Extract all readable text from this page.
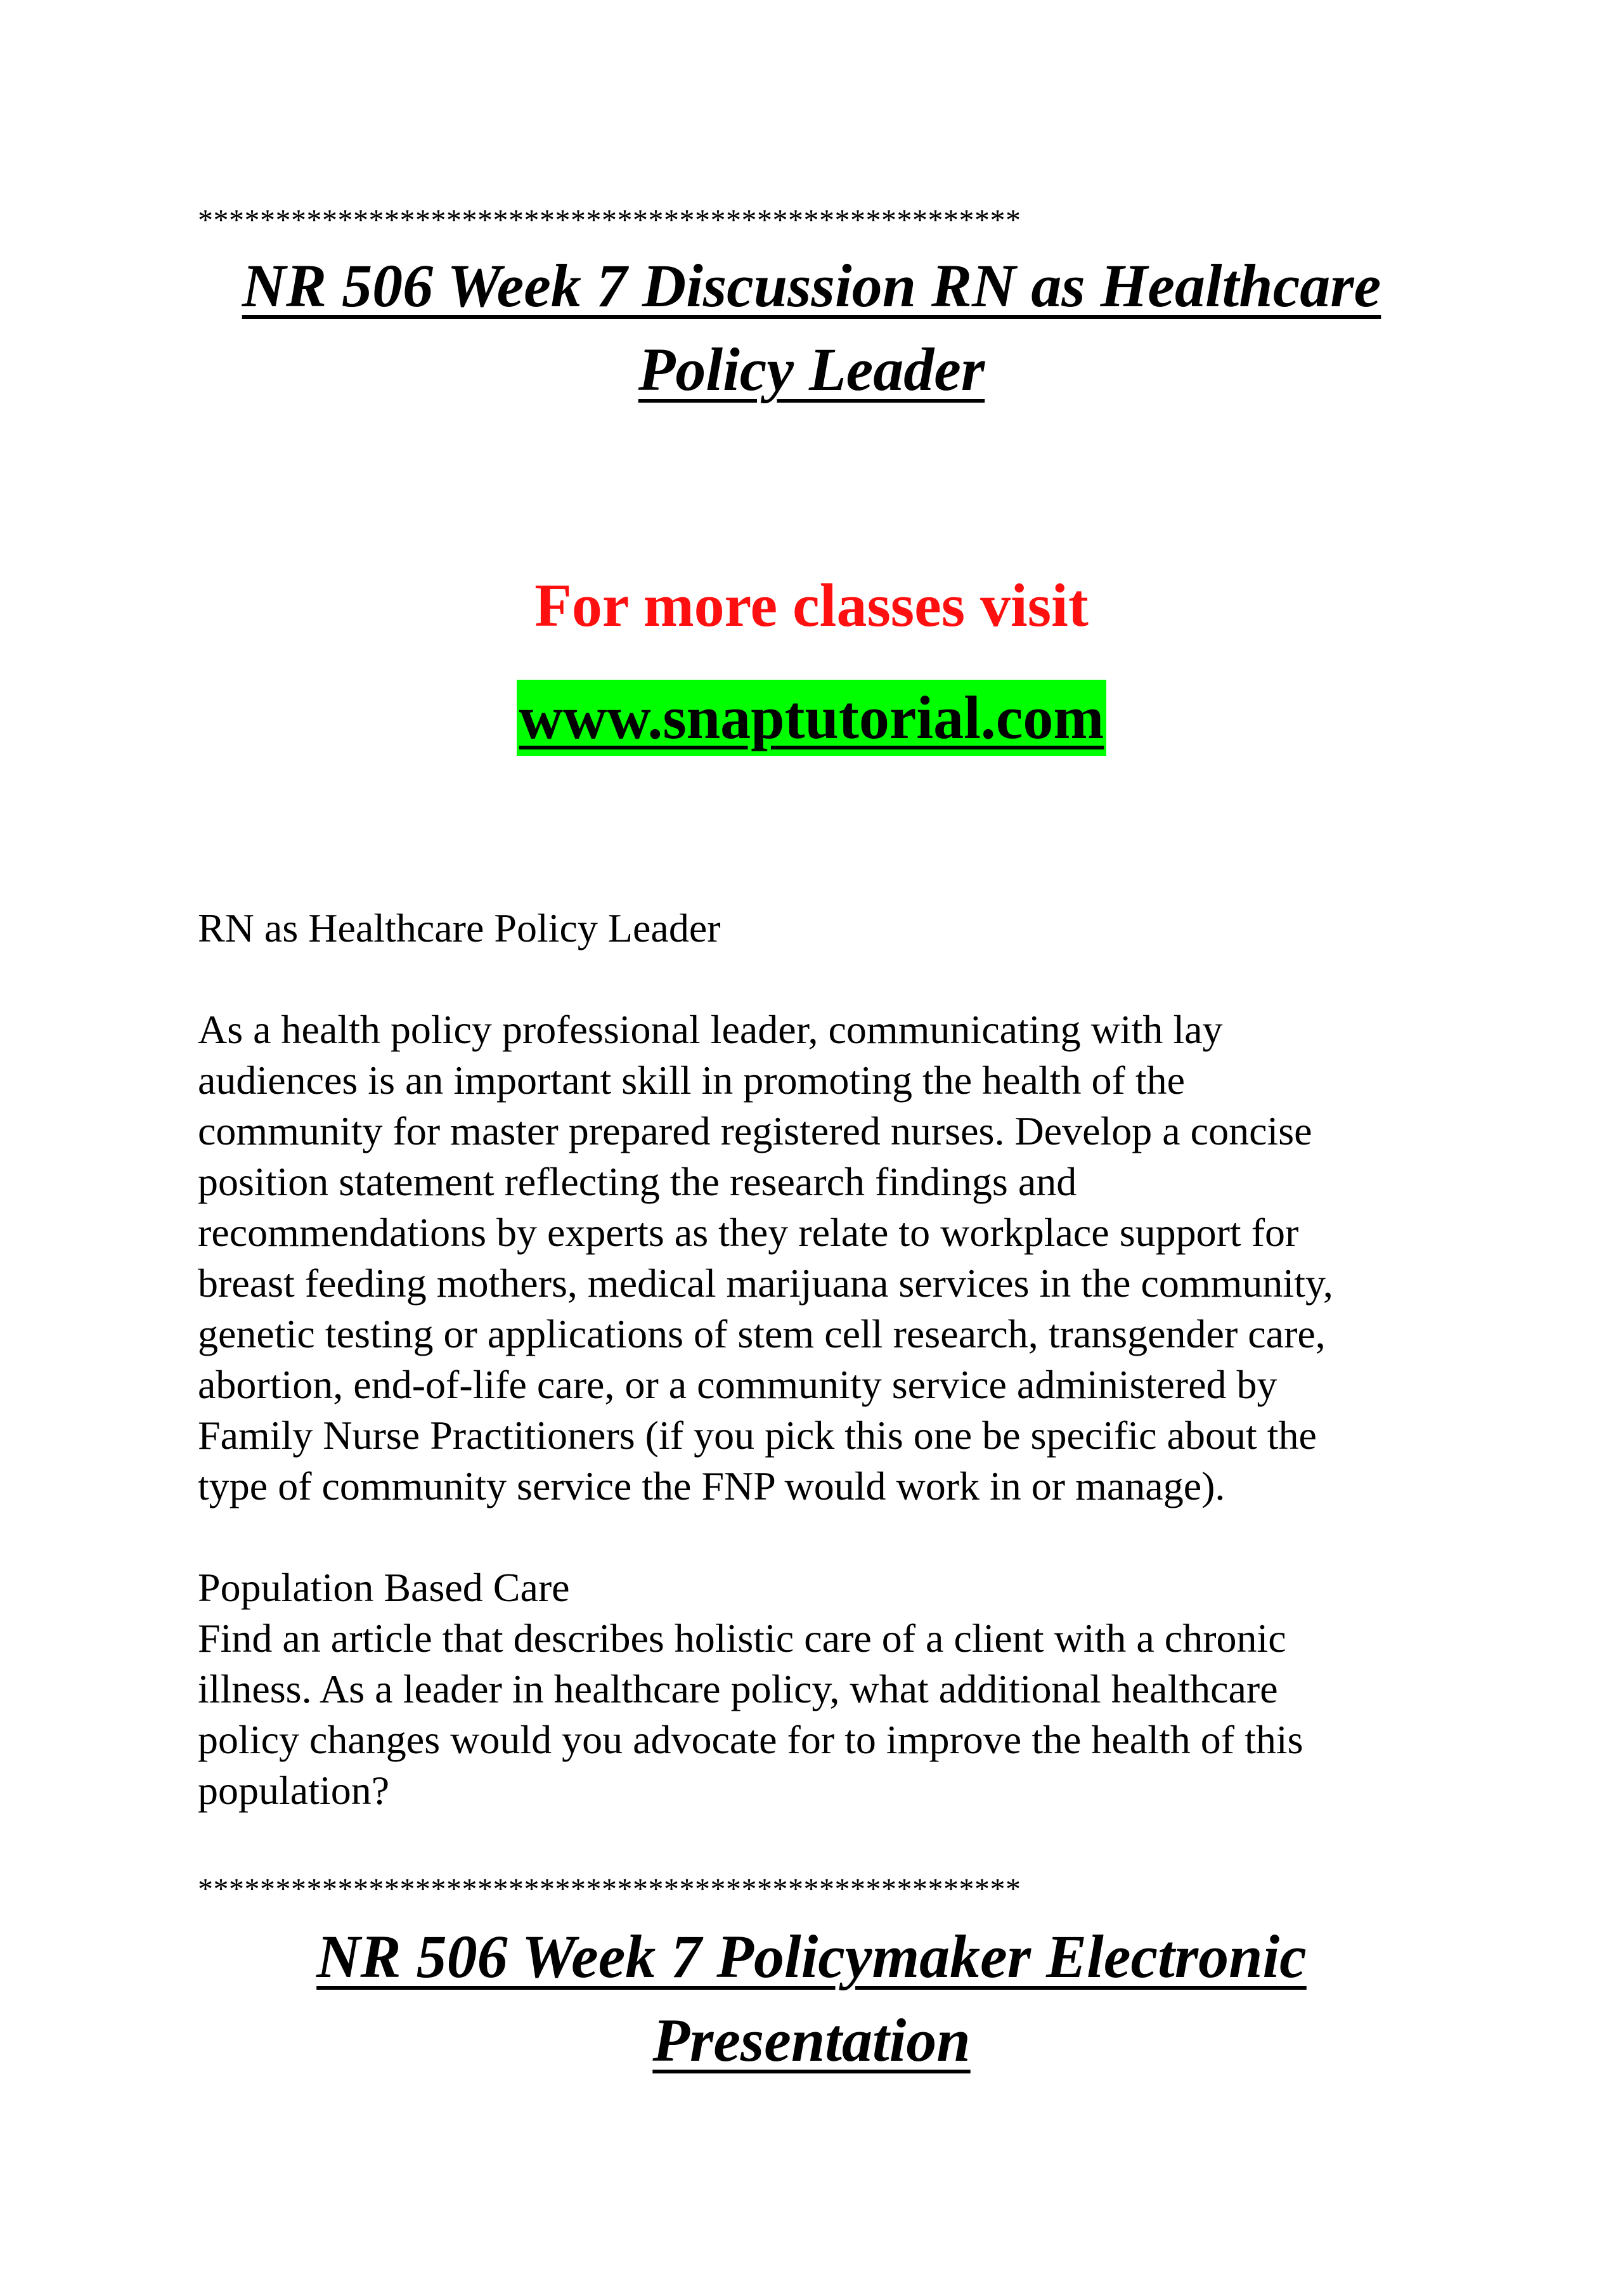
*****************************************************
NR 506 Week 7 Discussion RN as Healthcare
Policy Leader
For more classes visit
www.snaptutorial.com
RN as Healthcare Policy Leader
As a health policy professional leader, communicating with lay
audiences is an important skill in promoting the health of the
community for master prepared registered nurses. Develop a concise
position statement reflecting the research findings and
recommendations by experts as they relate to workplace support for
breast feeding mothers, medical marijuana services in the community,
genetic testing or applications of stem cell research, transgender care,
abortion, end-of-life care, or a community service administered by
Family Nurse Practitioners (if you pick this one be specific about the
type of community service the FNP would work in or manage).
Population Based Care
Find an article that describes holistic care of a client with a chronic
illness. As a leader in healthcare policy, what additional healthcare
policy changes would you advocate for to improve the health of this
population?
*****************************************************
NR 506 Week 7 Policymaker Electronic
Presentation
